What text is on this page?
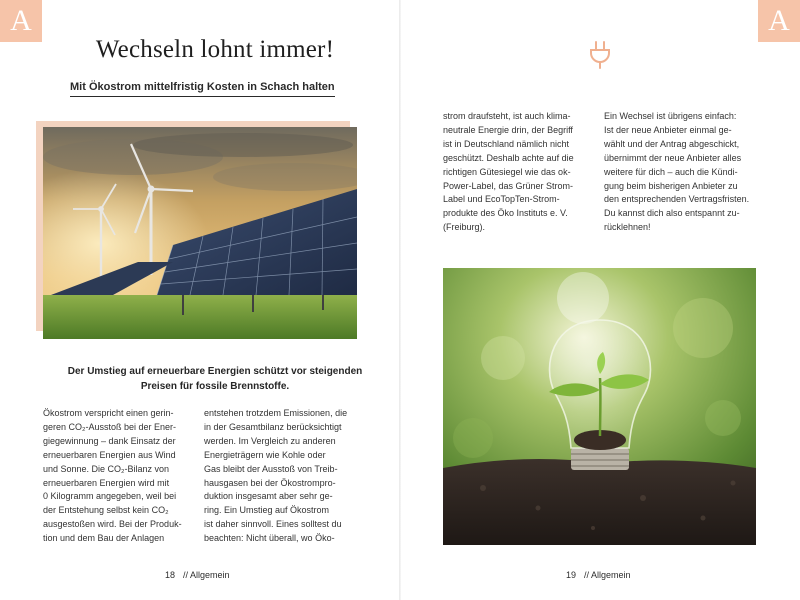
A
Wechseln lohnt immer!
Mit Ökostrom mittelfristig Kosten in Schach halten
Der Umstieg auf erneuerbare Energien schützt vor steigenden Preisen für fossile Brennstoffe.
Ökostrom verspricht einen gerin-
geren CO₂-Ausstoß bei der Ener-
giegewinnung – dank Einsatz der
erneuerbaren Energien aus Wind
und Sonne. Die CO₂-Bilanz von
erneuerbaren Energien wird mit
0 Kilogramm angegeben, weil bei
der Entstehung selbst kein CO₂
ausgestoßen wird. Bei der Produk-
tion und dem Bau der Anlagen
entstehen trotzdem Emissionen, die
in der Gesamtbilanz berücksichtigt
werden. Im Vergleich zu anderen
Energieträgern wie Kohle oder
Gas bleibt der Ausstoß von Treib-
hausgasen bei der Ökostrompro-
duktion insgesamt aber sehr ge-
ring. Ein Umstieg auf Ökostrom
ist daher sinnvoll. Eines solltest du
beachten: Nicht überall, wo Öko-
18 // Allgemein
A
strom draufsteht, ist auch klima-
neutrale Energie drin, der Begriff
ist in Deutschland nämlich nicht
geschützt. Deshalb achte auf die
richtigen Gütesiegel wie das ok-
Power-Label, das Grüner Strom-
Label und EcoTopTen-Strom-
produkte des Öko Instituts e. V.
(Freiburg).
Ein Wechsel ist übrigens einfach:
Ist der neue Anbieter einmal ge-
wählt und der Antrag abgeschickt,
übernimmt der neue Anbieter alles
weitere für dich – auch die Kündi-
gung beim bisherigen Anbieter zu
den entsprechenden Vertragsfristen.
Du kannst dich also entspannt zu-
rücklehnen!
19 // Allgemein
